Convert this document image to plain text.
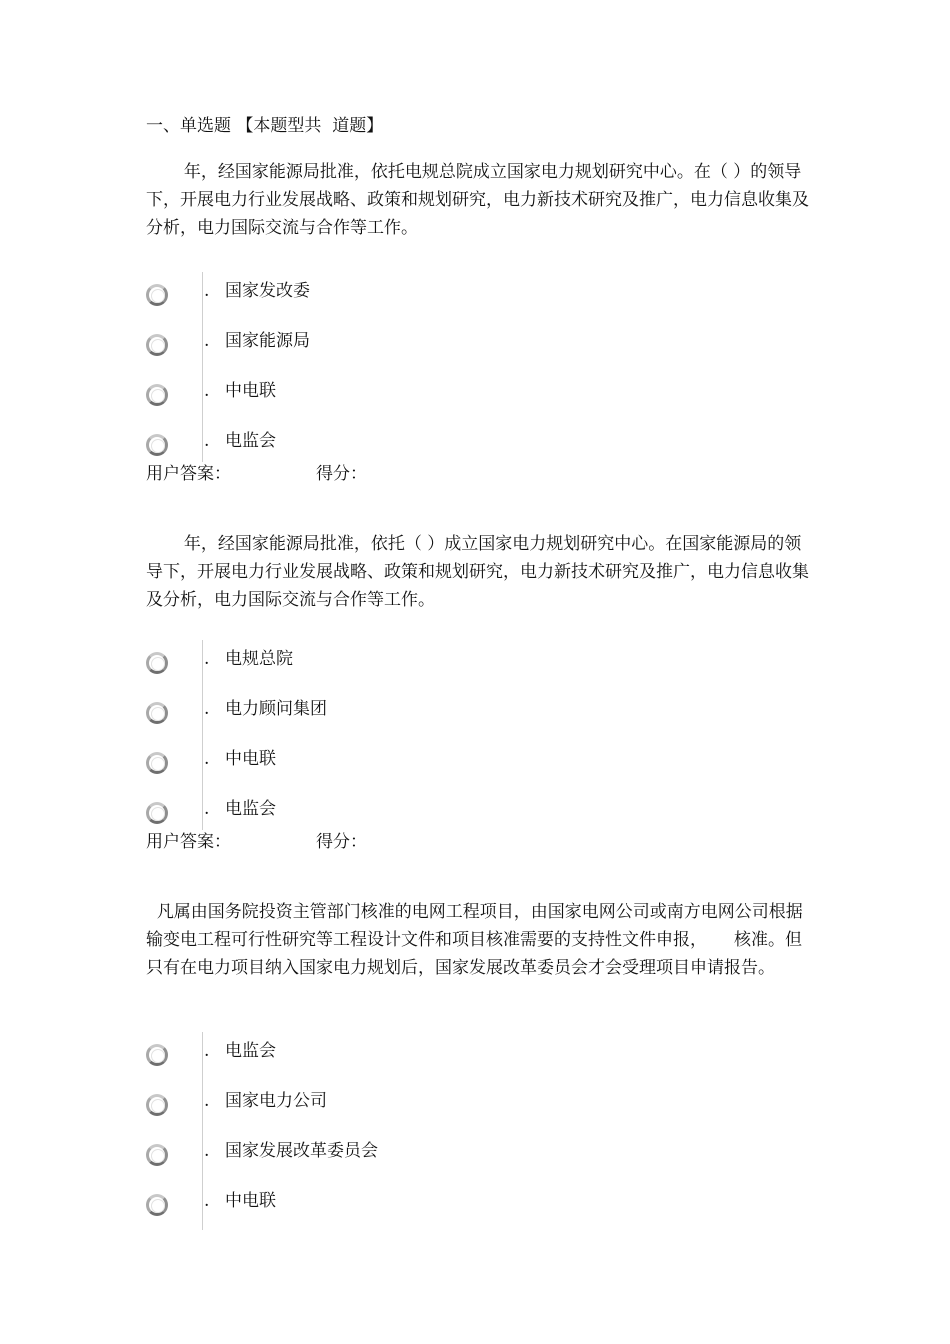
一、单选题 【本题型共  道题】
年，经国家能源局批准，依托电规总院成立国家电力规划研究中心。在（ ）的领导下，开展电力行业发展战略、政策和规划研究，电力新技术研究及推广，电力信息收集及分析，电力国际交流与合作等工作。
. 国家发改委
. 国家能源局
. 中电联
. 电监会
用户答案：	得分：
年，经国家能源局批准，依托（ ）成立国家电力规划研究中心。在国家能源局的领导下，开展电力行业发展战略、政策和规划研究，电力新技术研究及推广，电力信息收集及分析，电力国际交流与合作等工作。
. 电规总院
. 电力顾问集团
. 中电联
. 电监会
用户答案：	得分：
凡属由国务院投资主管部门核准的电网工程项目，由国家电网公司或南方电网公司根据输变电工程可行性研究等工程设计文件和项目核准需要的支持性文件申报，     核准。但只有在电力项目纳入国家电力规划后，国家发展改革委员会才会受理项目申请报告。
. 电监会
. 国家电力公司
. 国家发展改革委员会
. 中电联
